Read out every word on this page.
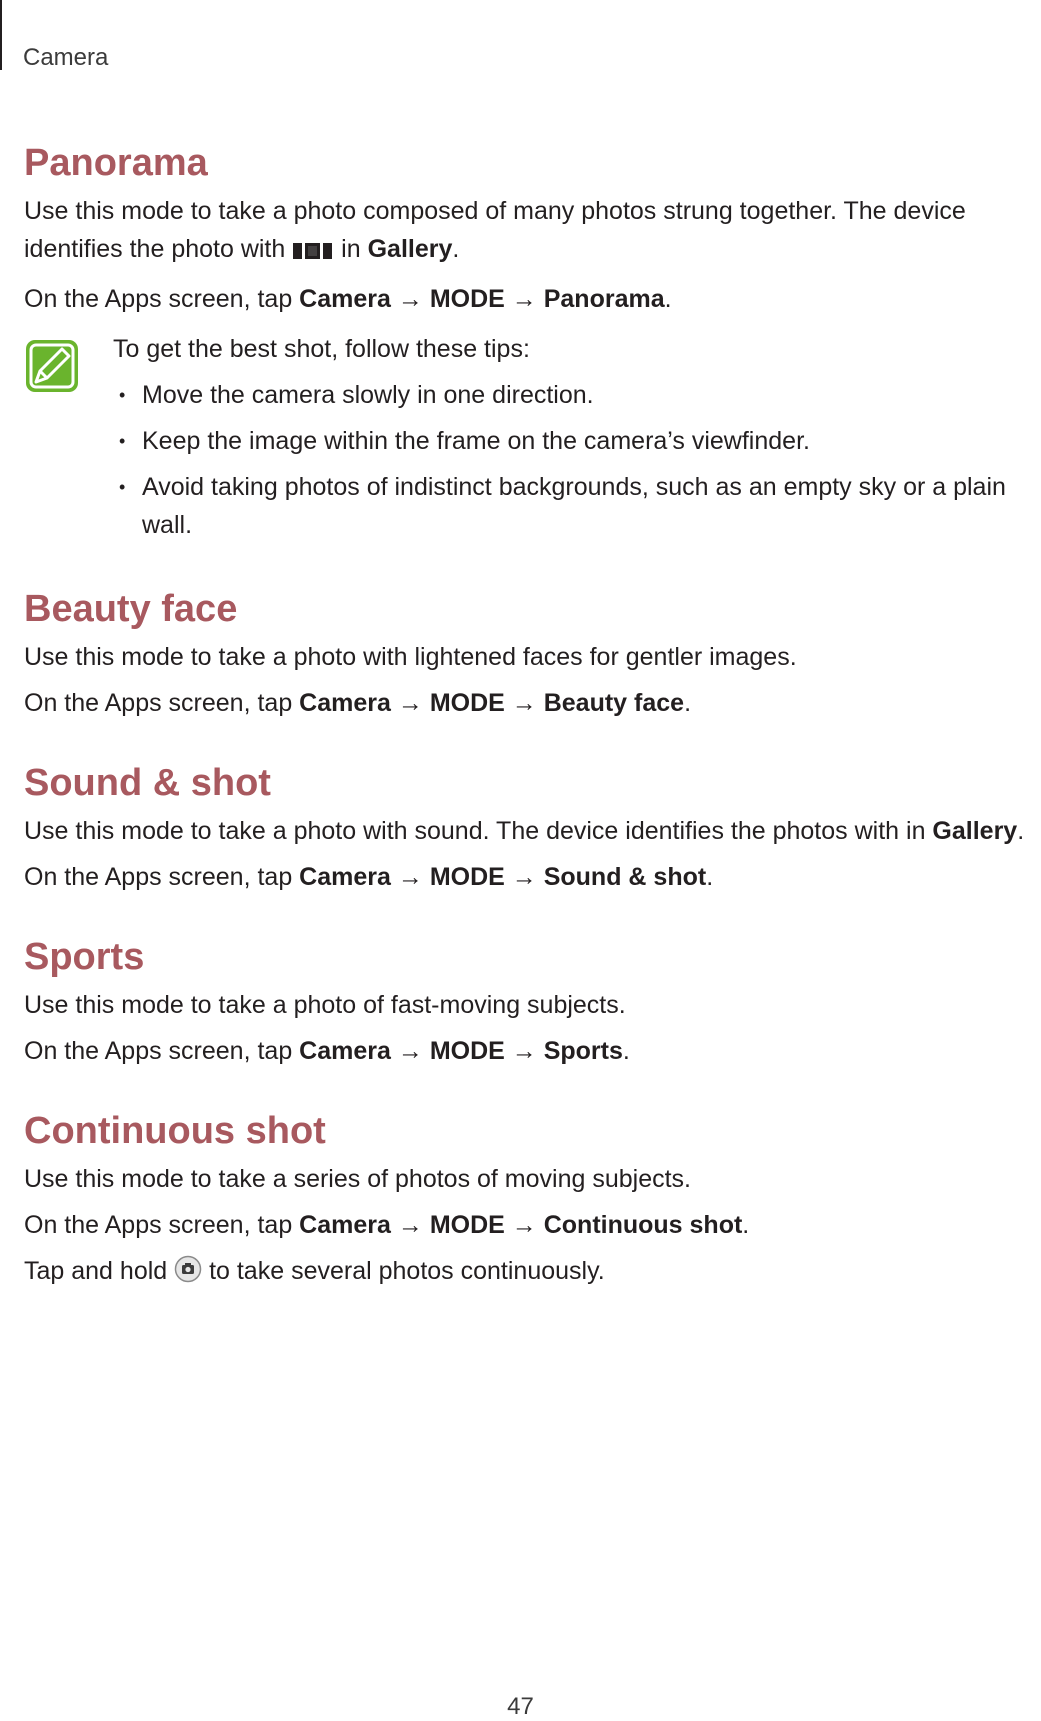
Camera
Panorama

Use this mode to take a photo composed of many photos strung together. The device identifies the photo with  in Gallery.

On the Apps screen, tap Camera → MODE → Panorama.

To get the best shot, follow these tips:

• Move the camera slowly in one direction.
• Keep the image within the frame on the camera’s viewfinder.
• Avoid taking photos of indistinct backgrounds, such as an empty sky or a plain wall.
Beauty face

Use this mode to take a photo with lightened faces for gentler images.

On the Apps screen, tap Camera → MODE → Beauty face.

Sound & shot

Use this mode to take a photo with sound. The device identifies the photos with in Gallery.

On the Apps screen, tap Camera → MODE → Sound & shot.

Sports

Use this mode to take a photo of fast-moving subjects.

On the Apps screen, tap Camera → MODE → Sports.

Continuous shot

Use this mode to take a series of photos of moving subjects.

On the Apps screen, tap Camera → MODE → Continuous shot.

Tap and hold  to take several photos continuously.

47
